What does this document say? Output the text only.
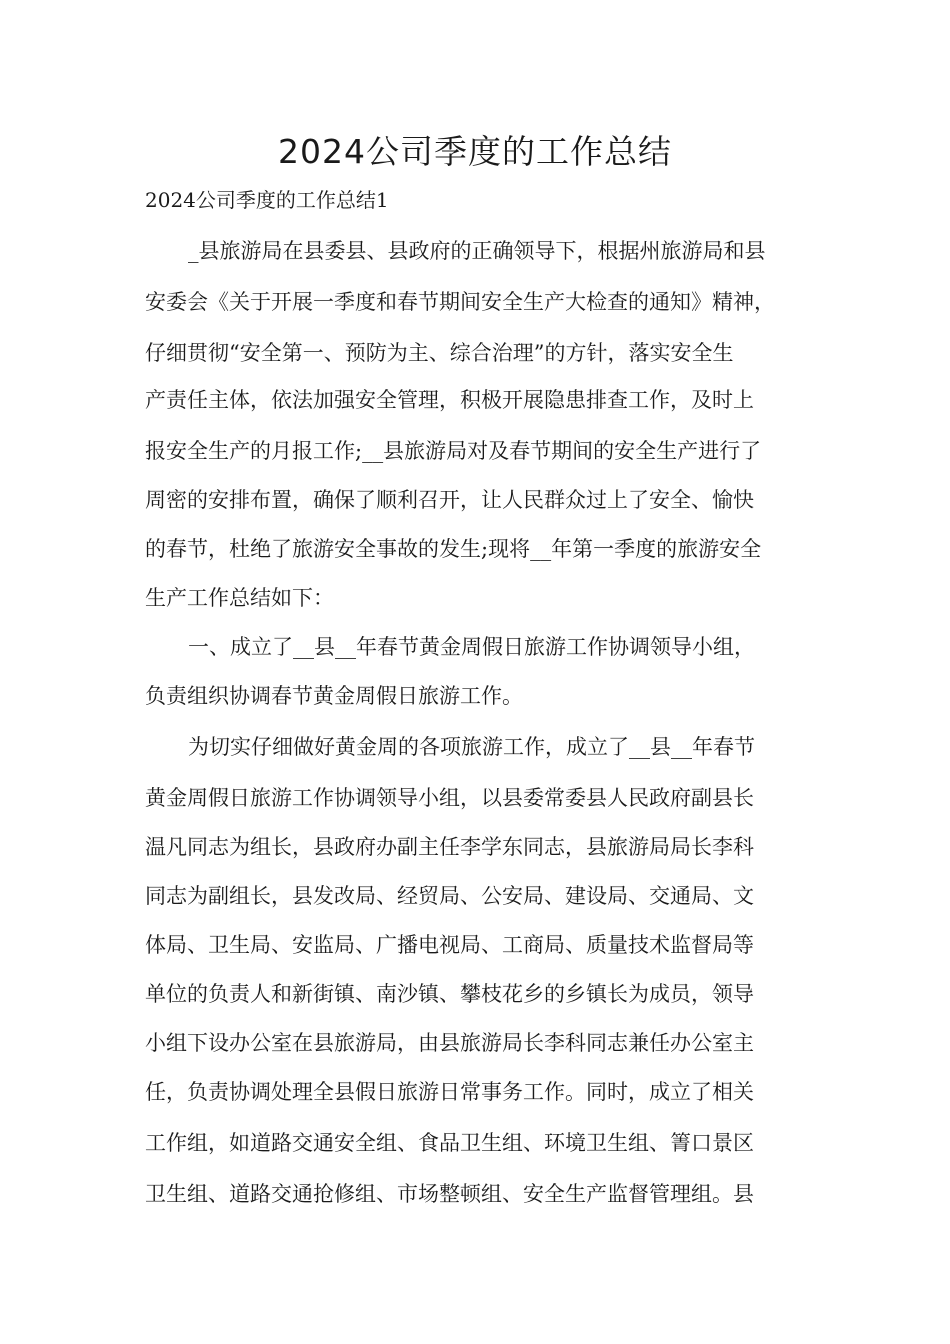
2024公司季度的工作总结
2024公司季度的工作总结1
_县旅游局在县委县、县政府的正确领导下，根据州旅游局和县
安委会《关于开展一季度和春节期间安全生产大检查的通知》精神，
仔细贯彻“安全第一、预防为主、综合治理”的方针，落实安全生
产责任主体，依法加强安全管理，积极开展隐患排查工作，及时上
报安全生产的月报工作;__县旅游局对及春节期间的安全生产进行了
周密的安排布置，确保了顺利召开，让人民群众过上了安全、愉快
的春节，杜绝了旅游安全事故的发生;现将__年第一季度的旅游安全
生产工作总结如下：
一、成立了__县__年春节黄金周假日旅游工作协调领导小组，
负责组织协调春节黄金周假日旅游工作。
为切实仔细做好黄金周的各项旅游工作，成立了__县__年春节
黄金周假日旅游工作协调领导小组，以县委常委县人民政府副县长
温凡同志为组长，县政府办副主任李学东同志，县旅游局局长李科
同志为副组长，县发改局、经贸局、公安局、建设局、交通局、文
体局、卫生局、安监局、广播电视局、工商局、质量技术监督局等
单位的负责人和新街镇、南沙镇、攀枝花乡的乡镇长为成员，领导
小组下设办公室在县旅游局，由县旅游局长李科同志兼任办公室主
任，负责协调处理全县假日旅游日常事务工作。同时，成立了相关
工作组，如道路交通安全组、食品卫生组、环境卫生组、箐口景区
卫生组、道路交通抢修组、市场整顿组、安全生产监督管理组。县
